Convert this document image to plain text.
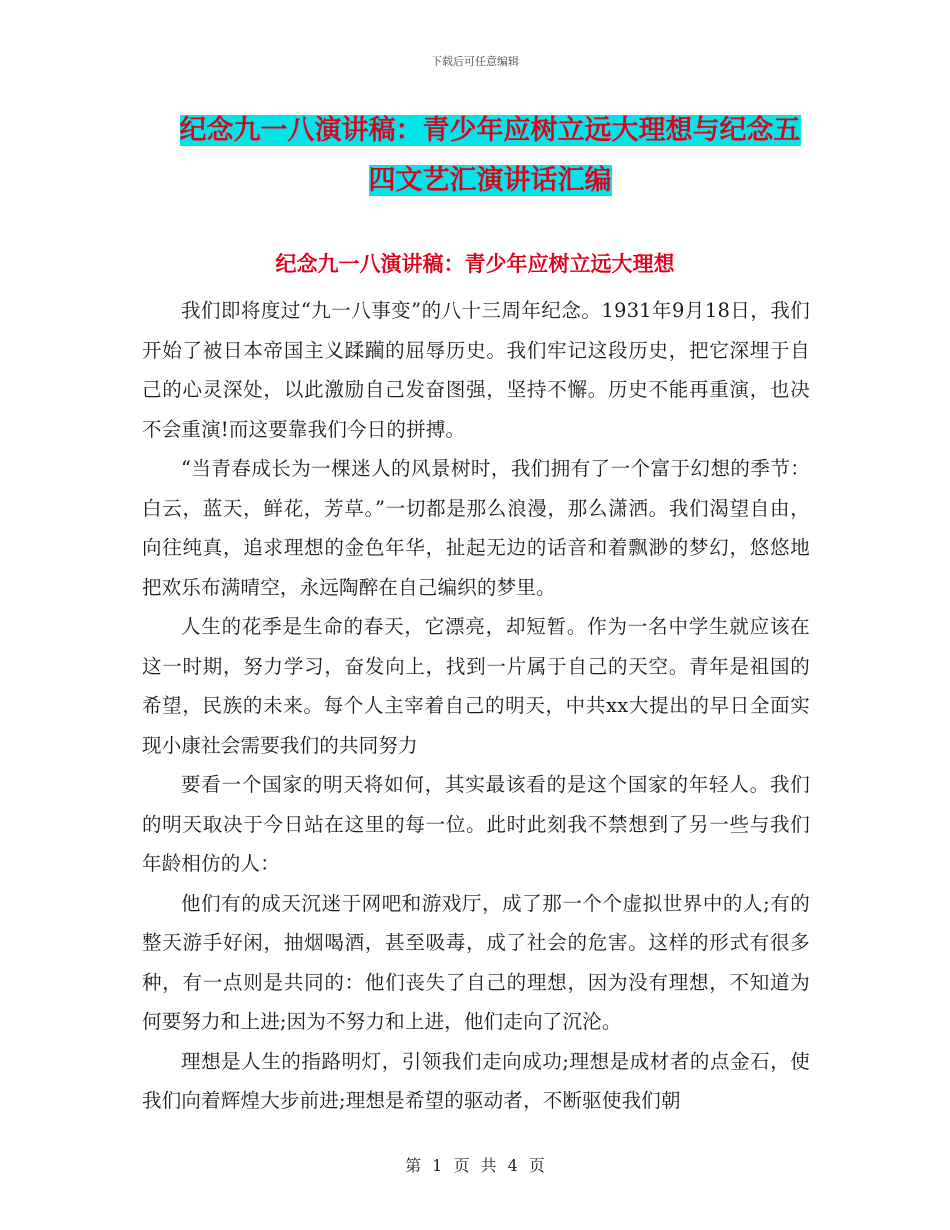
下载后可任意编辑
纪念九一八演讲稿：青少年应树立远大理想与纪念五
四文艺汇演讲话汇编
纪念九一八演讲稿：青少年应树立远大理想

我们即将度过“九一八事变”的八十三周年纪念。1931年9月18日，我们开始了被日本帝国主义蹂躏的屈辱历史。我们牢记这段历史，把它深埋于自己的心灵深处，以此激励自己发奋图强，坚持不懈。历史不能再重演，也决不会重演!而这要靠我们今日的拼搏。

“当青春成长为一棵迷人的风景树时，我们拥有了一个富于幻想的季节：白云，蓝天，鲜花，芳草。”一切都是那么浪漫，那么潇洒。我们渴望自由，向往纯真，追求理想的金色年华，扯起无边的话音和着飘渺的梦幻，悠悠地把欢乐布满晴空，永远陶醉在自己编织的梦里。

人生的花季是生命的春天，它漂亮，却短暂。作为一名中学生就应该在这一时期，努力学习，奋发向上，找到一片属于自己的天空。青年是祖国的希望，民族的未来。每个人主宰着自己的明天，中共xx大提出的早日全面实现小康社会需要我们的共同努力

要看一个国家的明天将如何，其实最该看的是这个国家的年轻人。我们的明天取决于今日站在这里的每一位。此时此刻我不禁想到了另一些与我们年龄相仿的人：

他们有的成天沉迷于网吧和游戏厅，成了那一个个虚拟世界中的人;有的整天游手好闲，抽烟喝酒，甚至吸毒，成了社会的危害。这样的形式有很多种，有一点则是共同的：他们丧失了自己的理想，因为没有理想，不知道为何要努力和上进;因为不努力和上进，他们走向了沉沦。

理想是人生的指路明灯，引领我们走向成功;理想是成材者的点金石，使我们向着辉煌大步前进;理想是希望的驱动者，不断驱使我们朝

第 1 页 共 4 页
